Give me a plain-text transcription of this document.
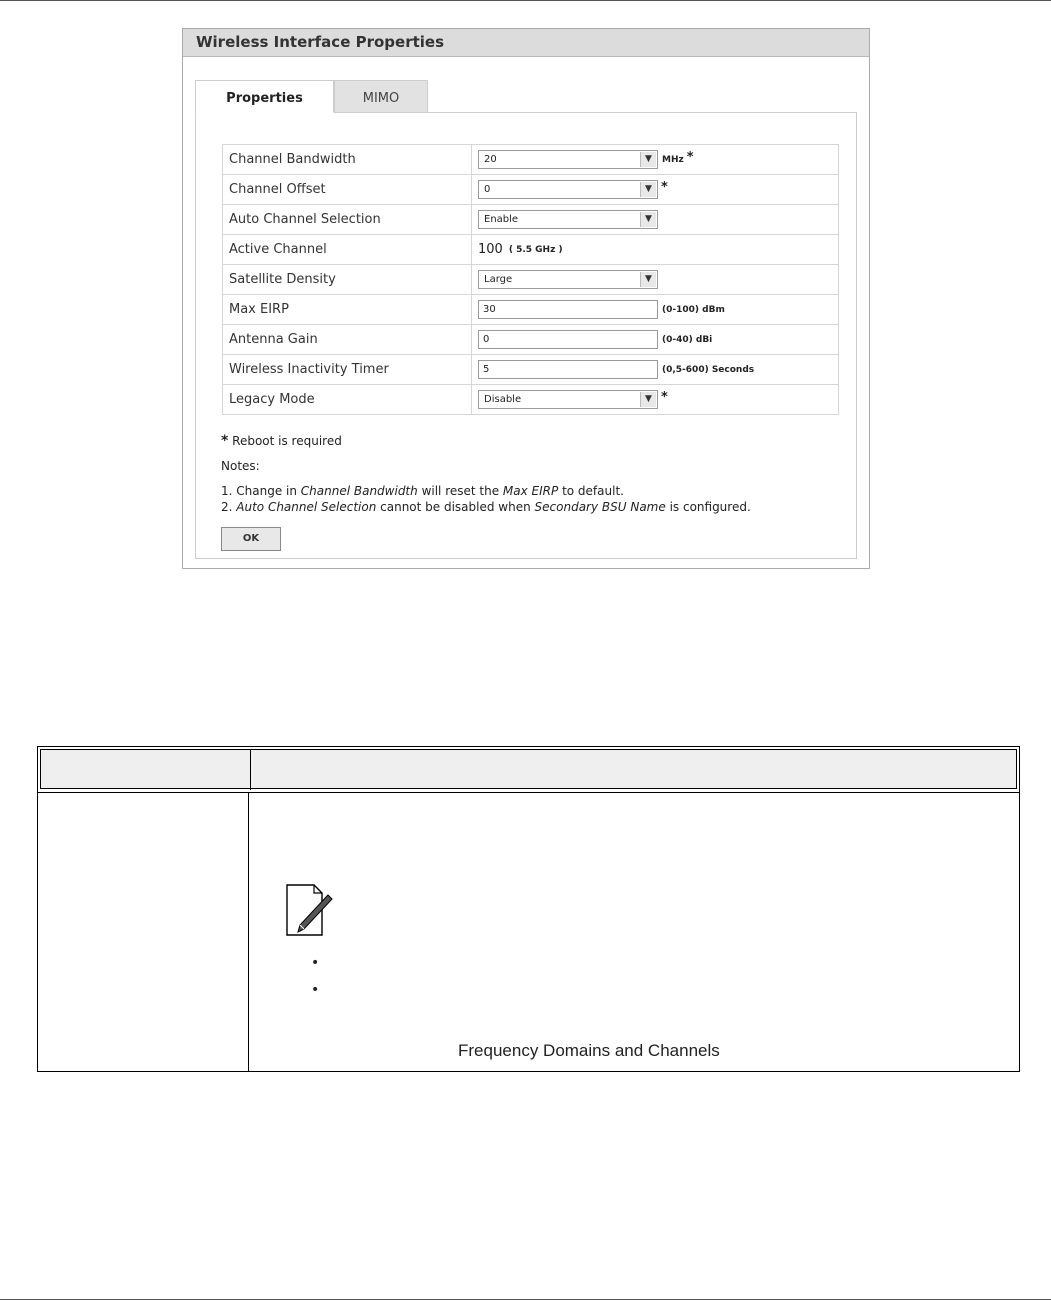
Wireless Interface Properties
Properties	MIMO
Channel Bandwidth	20 ▼ MHz *
Channel Offset	0 ▼ *
Auto Channel Selection	Enable ▼

Active Channel	100 ( 5.5 GHz )
Satellite Density	Large ▼

Max EIRP	30 (0-100) dBm
Antenna Gain	0 (0-40) dBi
Wireless Inactivity Timer	5 (0,5-600) Seconds
Legacy Mode	Disable ▼ *
* Reboot is required
Notes:
1. Change in Channel Bandwidth will reset the Max EIRP to default.
2. Auto Channel Selection cannot be disabled when Secondary BSU Name is configured.
OK
•
•
Frequency Domains and Channels
